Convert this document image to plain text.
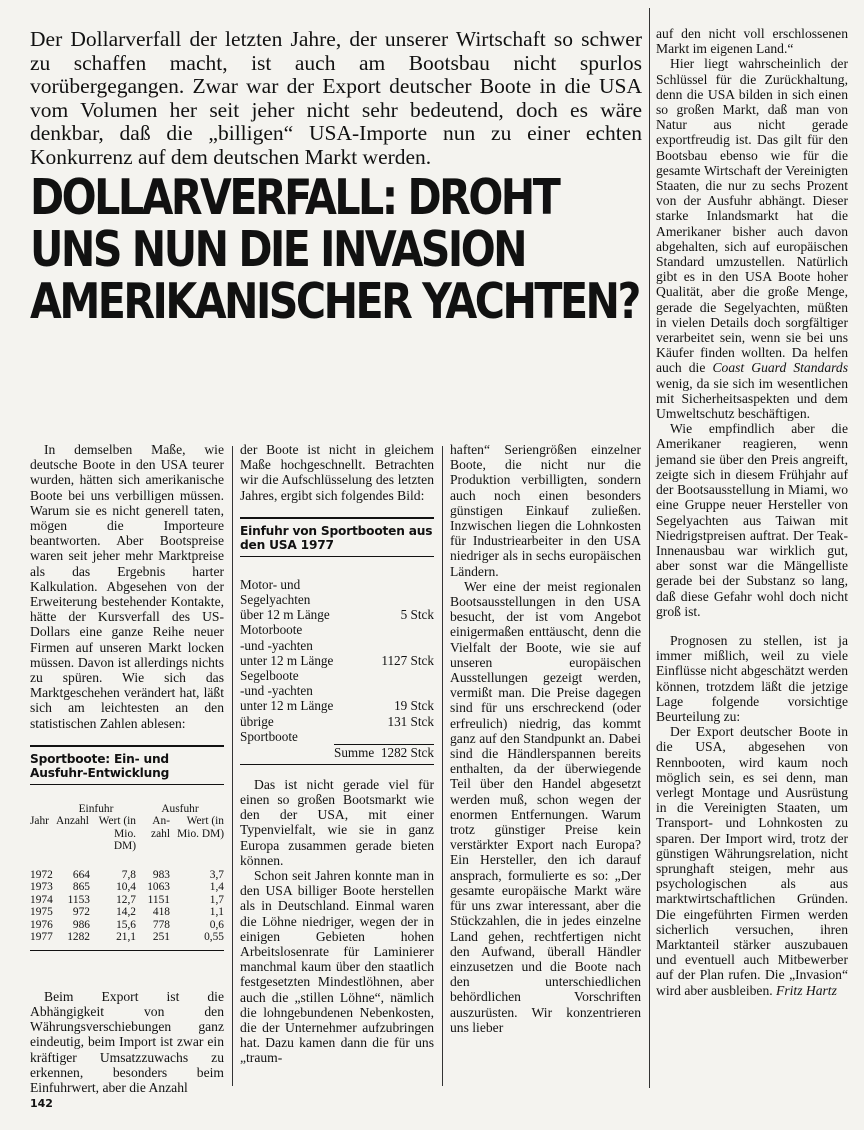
Der Dollarverfall der letzten Jahre, der unserer Wirtschaft so schwer zu schaffen macht, ist auch am Bootsbau nicht spurlos vorübergegangen. Zwar war der Export deutscher Boote in die USA vom Volumen her seit jeher nicht sehr bedeutend, doch es wäre denkbar, daß die „billigen“ USA-Importe nun zu einer echten Konkurrenz auf dem deutschen Markt werden.

DOLLARVERFALL: DROHT
UNS NUN DIE INVASION
AMERIKANISCHER YACHTEN?

In demselben Maße, wie deutsche Boote in den USA teurer wurden, hätten sich amerikanische Boote bei uns verbilligen müssen. Warum sie es nicht generell taten, mögen die Importeure beantworten. Aber Bootspreise waren seit jeher mehr Marktpreise als das Ergebnis harter Kalkulation. Abgesehen von der Erweiterung bestehender Kontakte, hätte der Kursverfall des US-Dollars eine ganze Reihe neuer Firmen auf unseren Markt locken müssen. Davon ist allerdings nichts zu spüren. Wie sich das Marktgeschehen verändert hat, läßt sich am leichtesten an den statistischen Zahlen ablesen:

Sportboote: Ein- und Ausfuhr-Entwicklung
	Einfuhr		Ausfuhr	
Jahr	Anzahl	Wert (in Mio. DM)	An-zahl	Wert (in Mio. DM)

1972	664	7,8	983	3,7
1973	865	10,4	1063	1,4
1974	1153	12,7	1151	1,7
1975	972	14,2	418	1,1
1976	986	15,6	778	0,6
1977	1282	21,1	251	0,55

Beim Export ist die Abhängigkeit von den Währungsverschiebungen ganz eindeutig, beim Import ist zwar ein kräftiger Umsatzzuwachs zu erkennen, besonders beim Einfuhrwert, aber die Anzahl

der Boote ist nicht in gleichem Maße hochgeschnellt. Betrachten wir die Aufschlüsselung des letzten Jahres, ergibt sich folgendes Bild:

Einfuhr von Sportbooten aus den USA 1977
Motor- und	
Segelyachten	
über 12 m Länge	5 Stck
Motorboote	
-und -yachten	
unter 12 m Länge	1127 Stck
Segelboote	
-und -yachten	
unter 12 m Länge	19 Stck
übrige Sportboote	131 Stck
	Summe 1282 Stck

Das ist nicht gerade viel für einen so großen Bootsmarkt wie den der USA, mit einer Typenvielfalt, wie sie in ganz Europa zusammen gerade bieten können.

Schon seit Jahren konnte man in den USA billiger Boote herstellen als in Deutschland. Einmal waren die Löhne niedriger, wegen der in einigen Gebieten hohen Arbeitslosenrate für Laminierer manchmal kaum über den staatlich festgesetzten Mindestlöhnen, aber auch die „stillen Löhne“, nämlich die lohngebundenen Nebenkosten, die der Unternehmer aufzubringen hat. Dazu kamen dann die für uns „traum-

haften“ Seriengrößen einzelner Boote, die nicht nur die Produktion verbilligten, sondern auch noch einen besonders günstigen Einkauf zuließen. Inzwischen liegen die Lohnkosten für Industriearbeiter in den USA niedriger als in sechs europäischen Ländern.

Wer eine der meist regionalen Bootsausstellungen in den USA besucht, der ist vom Angebot einigermaßen enttäuscht, denn die Vielfalt der Boote, wie sie auf unseren europäischen Ausstellungen gezeigt werden, vermißt man. Die Preise dagegen sind für uns erschreckend (oder erfreulich) niedrig, das kommt ganz auf den Standpunkt an. Dabei sind die Händlerspannen bereits enthalten, da der überwiegende Teil über den Handel abgesetzt werden muß, schon wegen der enormen Entfernungen. Warum trotz günstiger Preise kein verstärkter Export nach Europa? Ein Hersteller, den ich darauf ansprach, formulierte es so: „Der gesamte europäische Markt wäre für uns zwar interessant, aber die Stückzahlen, die in jedes einzelne Land gehen, rechtfertigen nicht den Aufwand, überall Händler einzusetzen und die Boote nach den unterschiedlichen behördlichen Vorschriften auszurüsten. Wir konzentrieren uns lieber

auf den nicht voll erschlossenen Markt im eigenen Land.“

Hier liegt wahrscheinlich der Schlüssel für die Zurückhaltung, denn die USA bilden in sich einen so großen Markt, daß man von Natur aus nicht gerade exportfreudig ist. Das gilt für den Bootsbau ebenso wie für die gesamte Wirtschaft der Vereinigten Staaten, die nur zu sechs Prozent von der Ausfuhr abhängt. Dieser starke Inlandsmarkt hat die Amerikaner bisher auch davon abgehalten, sich auf europäischen Standard umzustellen. Natürlich gibt es in den USA Boote hoher Qualität, aber die große Menge, gerade die Segelyachten, müßten in vielen Details doch sorgfältiger verarbeitet sein, wenn sie bei uns Käufer finden wollten. Da helfen auch die Coast Guard Standards wenig, da sie sich im wesentlichen mit Sicherheitsaspekten und dem Umweltschutz beschäftigen.

Wie empfindlich aber die Amerikaner reagieren, wenn jemand sie über den Preis angreift, zeigte sich in diesem Frühjahr auf der Bootsausstellung in Miami, wo eine Gruppe neuer Hersteller von Segelyachten aus Taiwan mit Niedrigstpreisen auftrat. Der Teak-Innenausbau war wirklich gut, aber sonst war die Mängelliste gerade bei der Substanz so lang, daß diese Gefahr wohl doch nicht groß ist.

Prognosen zu stellen, ist ja immer mißlich, weil zu viele Einflüsse nicht abgeschätzt werden können, trotzdem läßt die jetzige Lage folgende vorsichtige Beurteilung zu:

Der Export deutscher Boote in die USA, abgesehen von Rennbooten, wird kaum noch möglich sein, es sei denn, man verlegt Montage und Ausrüstung in die Vereinigten Staaten, um Transport- und Lohnkosten zu sparen. Der Import wird, trotz der günstigen Währungsrelation, nicht sprunghaft steigen, mehr aus psychologischen als aus marktwirtschaftlichen Gründen. Die eingeführten Firmen werden sicherlich versuchen, ihren Marktanteil stärker auszubauen und eventuell auch Mitbewerber auf der Plan rufen. Die „Invasion“ wird aber ausbleiben. Fritz Hartz

142
